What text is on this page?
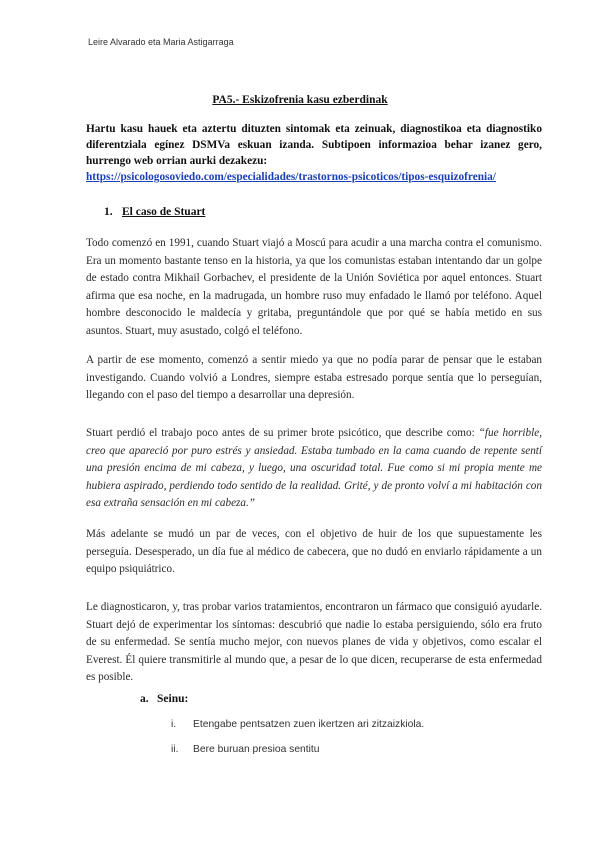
Leire Alvarado eta Maria Astigarraga
PA5.- Eskizofrenia kasu ezberdinak
Hartu kasu hauek eta aztertu dituzten sintomak eta zeinuak, diagnostikoa eta diagnostiko diferentziala egínez DSMVa eskuan izanda. Subtipoen informazioa behar izanez gero, hurrengo web orrian aurki dezakezu:
https://psicologosoviedo.com/especialidades/trastornos-psicoticos/tipos-esquizofrenia/
1. El caso de Stuart
Todo comenzó en 1991, cuando Stuart viajó a Moscú para acudir a una marcha contra el comunismo. Era un momento bastante tenso en la historia, ya que los comunistas estaban intentando dar un golpe de estado contra Mikhail Gorbachev, el presidente de la Unión Soviética por aquel entonces. Stuart afirma que esa noche, en la madrugada, un hombre ruso muy enfadado le llamó por teléfono. Aquel hombre desconocido le maldecía y gritaba, preguntándole que por qué se había metido en sus asuntos. Stuart, muy asustado, colgó el teléfono.
A partir de ese momento, comenzó a sentir miedo ya que no podía parar de pensar que le estaban investigando. Cuando volvió a Londres, siempre estaba estresado porque sentía que lo perseguían, llegando con el paso del tiempo a desarrollar una depresión.
Stuart perdió el trabajo poco antes de su primer brote psicótico, que describe como: “fue horrible, creo que apareció por puro estrés y ansiedad. Estaba tumbado en la cama cuando de repente sentí una presión encima de mi cabeza, y luego, una oscuridad total. Fue como si mi propia mente me hubiera aspirado, perdiendo todo sentido de la realidad. Grité, y de pronto volví a mi habitación con esa extraña sensación en mi cabeza.”
Más adelante se mudó un par de veces, con el objetivo de huir de los que supuestamente les perseguía. Desesperado, un día fue al médico de cabecera, que no dudó en enviarlo rápidamente a un equipo psiquiátrico.
Le diagnosticaron, y, tras probar varios tratamientos, encontraron un fármaco que consiguió ayudarle. Stuart dejó de experimentar los síntomas: descubrió que nadie lo estaba persiguiendo, sólo era fruto de su enfermedad. Se sentía mucho mejor, con nuevos planes de vida y objetivos, como escalar el Everest. Él quiere transmitirle al mundo que, a pesar de lo que dicen, recuperarse de esta enfermedad es posible.
a. Seinu:
i. Etengabe pentsatzen zuen ikertzen ari zitzaizkiola.
ii. Bere buruan presioa sentitu
